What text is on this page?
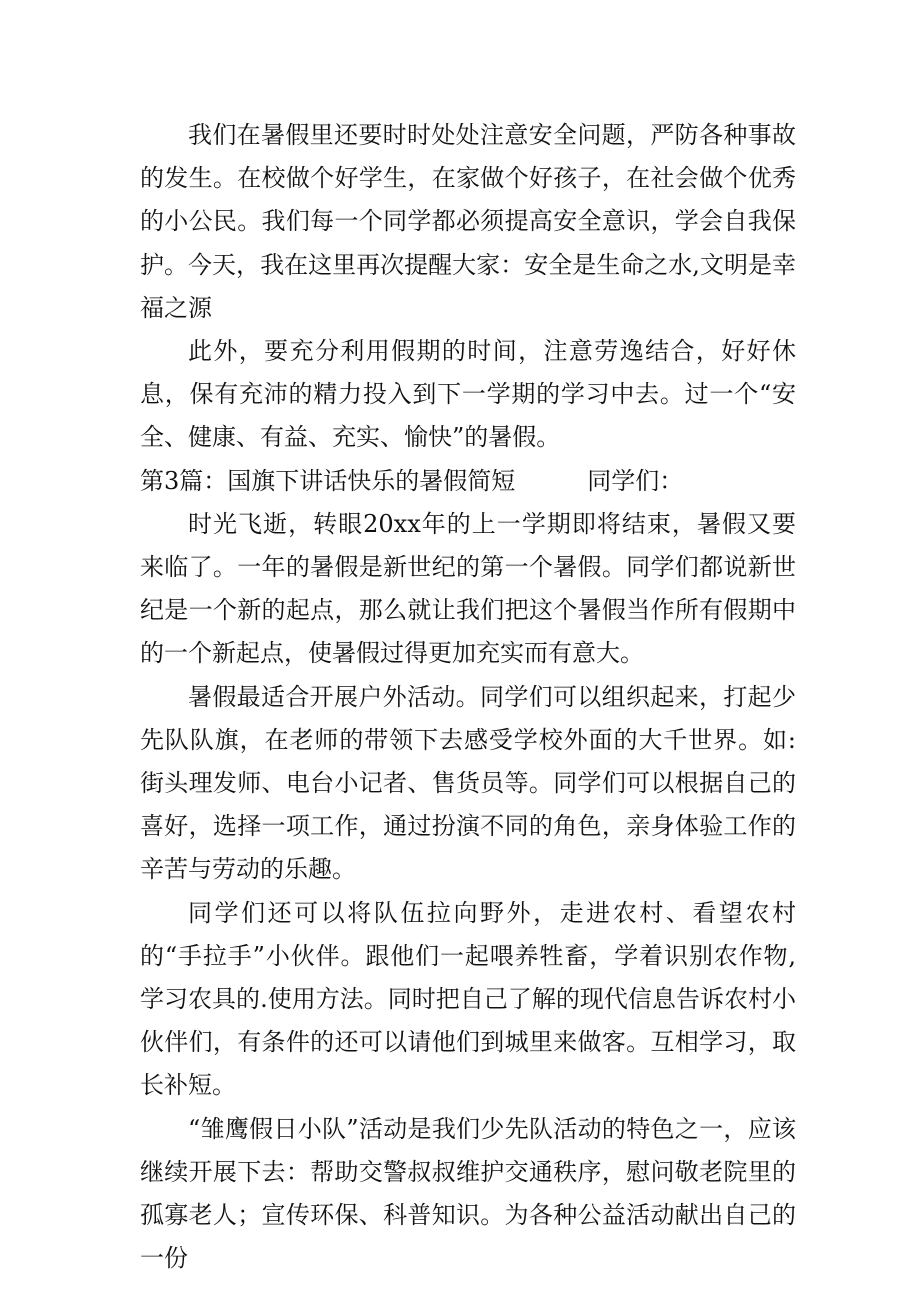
我们在暑假里还要时时处处注意安全问题，严防各种事故的发生。在校做个好学生，在家做个好孩子，在社会做个优秀的小公民。我们每一个同学都必须提高安全意识，学会自我保护。今天，我在这里再次提醒大家：安全是生命之水,文明是幸福之源

此外，要充分利用假期的时间，注意劳逸结合，好好休息，保有充沛的精力投入到下一学期的学习中去。过一个“安全、健康、有益、充实、愉快”的暑假。

第3篇：国旗下讲话快乐的暑假简短	同学们：

时光飞逝，转眼20xx年的上一学期即将结束，暑假又要来临了。一年的暑假是新世纪的第一个暑假。同学们都说新世纪是一个新的起点，那么就让我们把这个暑假当作所有假期中的一个新起点，使暑假过得更加充实而有意大。

暑假最适合开展户外活动。同学们可以组织起来，打起少先队队旗，在老师的带领下去感受学校外面的大千世界。如:街头理发师、电台小记者、售货员等。同学们可以根据自己的喜好，选择一项工作，通过扮演不同的角色，亲身体验工作的辛苦与劳动的乐趣。

同学们还可以将队伍拉向野外，走进农村、看望农村的“手拉手”小伙伴。跟他们一起喂养牲畜，学着识别农作物,学习农具的.使用方法。同时把自己了解的现代信息告诉农村小伙伴们，有条件的还可以请他们到城里来做客。互相学习，取长补短。

“雏鹰假日小队”活动是我们少先队活动的特色之一，应该继续开展下去：帮助交警叔叔维护交通秩序，慰问敬老院里的孤寡老人；宣传环保、科普知识。为各种公益活动献出自己的一份
